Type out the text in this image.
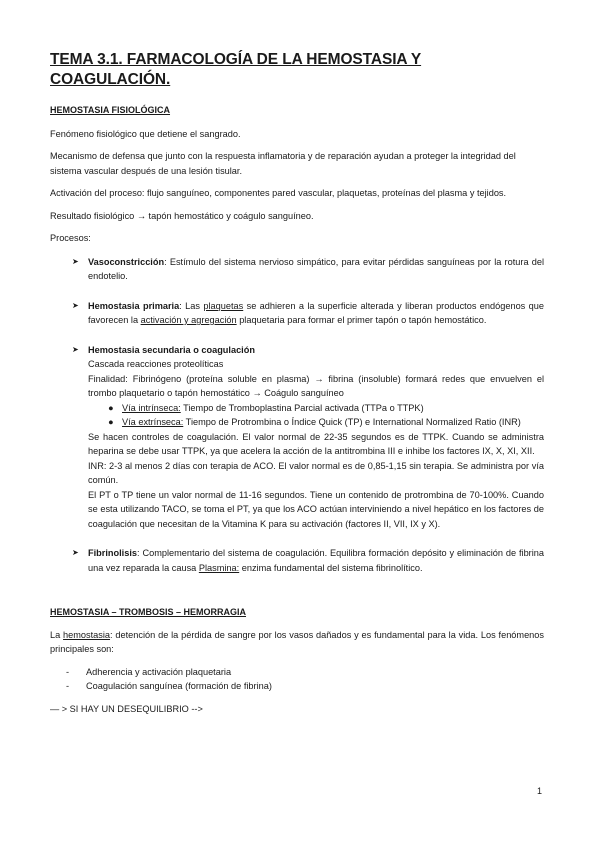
TEMA 3.1. FARMACOLOGÍA DE LA HEMOSTASIA Y COAGULACIÓN.
HEMOSTASIA FISIOLÓGICA

Fenómeno fisiológico que detiene el sangrado.

Mecanismo de defensa que junto con la respuesta inflamatoria y de reparación ayudan a proteger la integridad del sistema vascular después de una lesión tisular.

Activación del proceso: flujo sanguíneo, componentes pared vascular, plaquetas, proteínas del plasma y tejidos.

Resultado fisiológico → tapón hemostático y coágulo sanguíneo.

Procesos:

➤ Vasoconstricción: Estímulo del sistema nervioso simpático, para evitar pérdidas sanguíneas por la rotura del endotelio.
➤ Hemostasia primaria: Las plaquetas se adhieren a la superficie alterada y liberan productos endógenos que favorecen la activación y agregación plaquetaria para formar el primer tapón o tapón hemostático.
➤ Hemostasia secundaria o coagulación

Cascada reacciones proteolíticas

Finalidad: Fibrinógeno (proteína soluble en plasma) → fibrina (insoluble) formará redes que envuelven el trombo plaquetario o tapón hemostático → Coágulo sanguíneo

● Vía intrínseca: Tiempo de Tromboplastina Parcial activada (TTPa o TTPK)
● Vía extrínseca: Tiempo de Protrombina o Índice Quick (TP) e International Normalized Ratio (INR)

Se hacen controles de coagulación. El valor normal de 22-35 segundos es de TTPK. Cuando se administra heparina se debe usar TTPK, ya que acelera la acción de la antitrombina III e inhibe los factores IX, X, XI, XII.

INR: 2-3 al menos 2 días con terapia de ACO. El valor normal es de 0,85-1,15 sin terapia. Se administra por vía común.

El PT o TP tiene un valor normal de 11-16 segundos. Tiene un contenido de protrombina de 70-100%. Cuando se esta utilizando TACO, se toma el PT, ya que los ACO actúan interviniendo a nivel hepático en los factores de coagulación que necesitan de la Vitamina K para su activación (factores II, VII, IX y X).

➤ Fibrinolisis: Complementario del sistema de coagulación. Equilibra formación depósito y eliminación de fibrina una vez reparada la causa Plasmina: enzima fundamental del sistema fibrinolítico.
HEMOSTASIA – TROMBOSIS – HEMORRAGIA

La hemostasia: detención de la pérdida de sangre por los vasos dañados y es fundamental para la vida. Los fenómenos principales son:

- Adherencia y activación plaquetaria
- Coagulación sanguínea (formación de fibrina)

— > SI HAY UN DESEQUILIBRIO -->

1
